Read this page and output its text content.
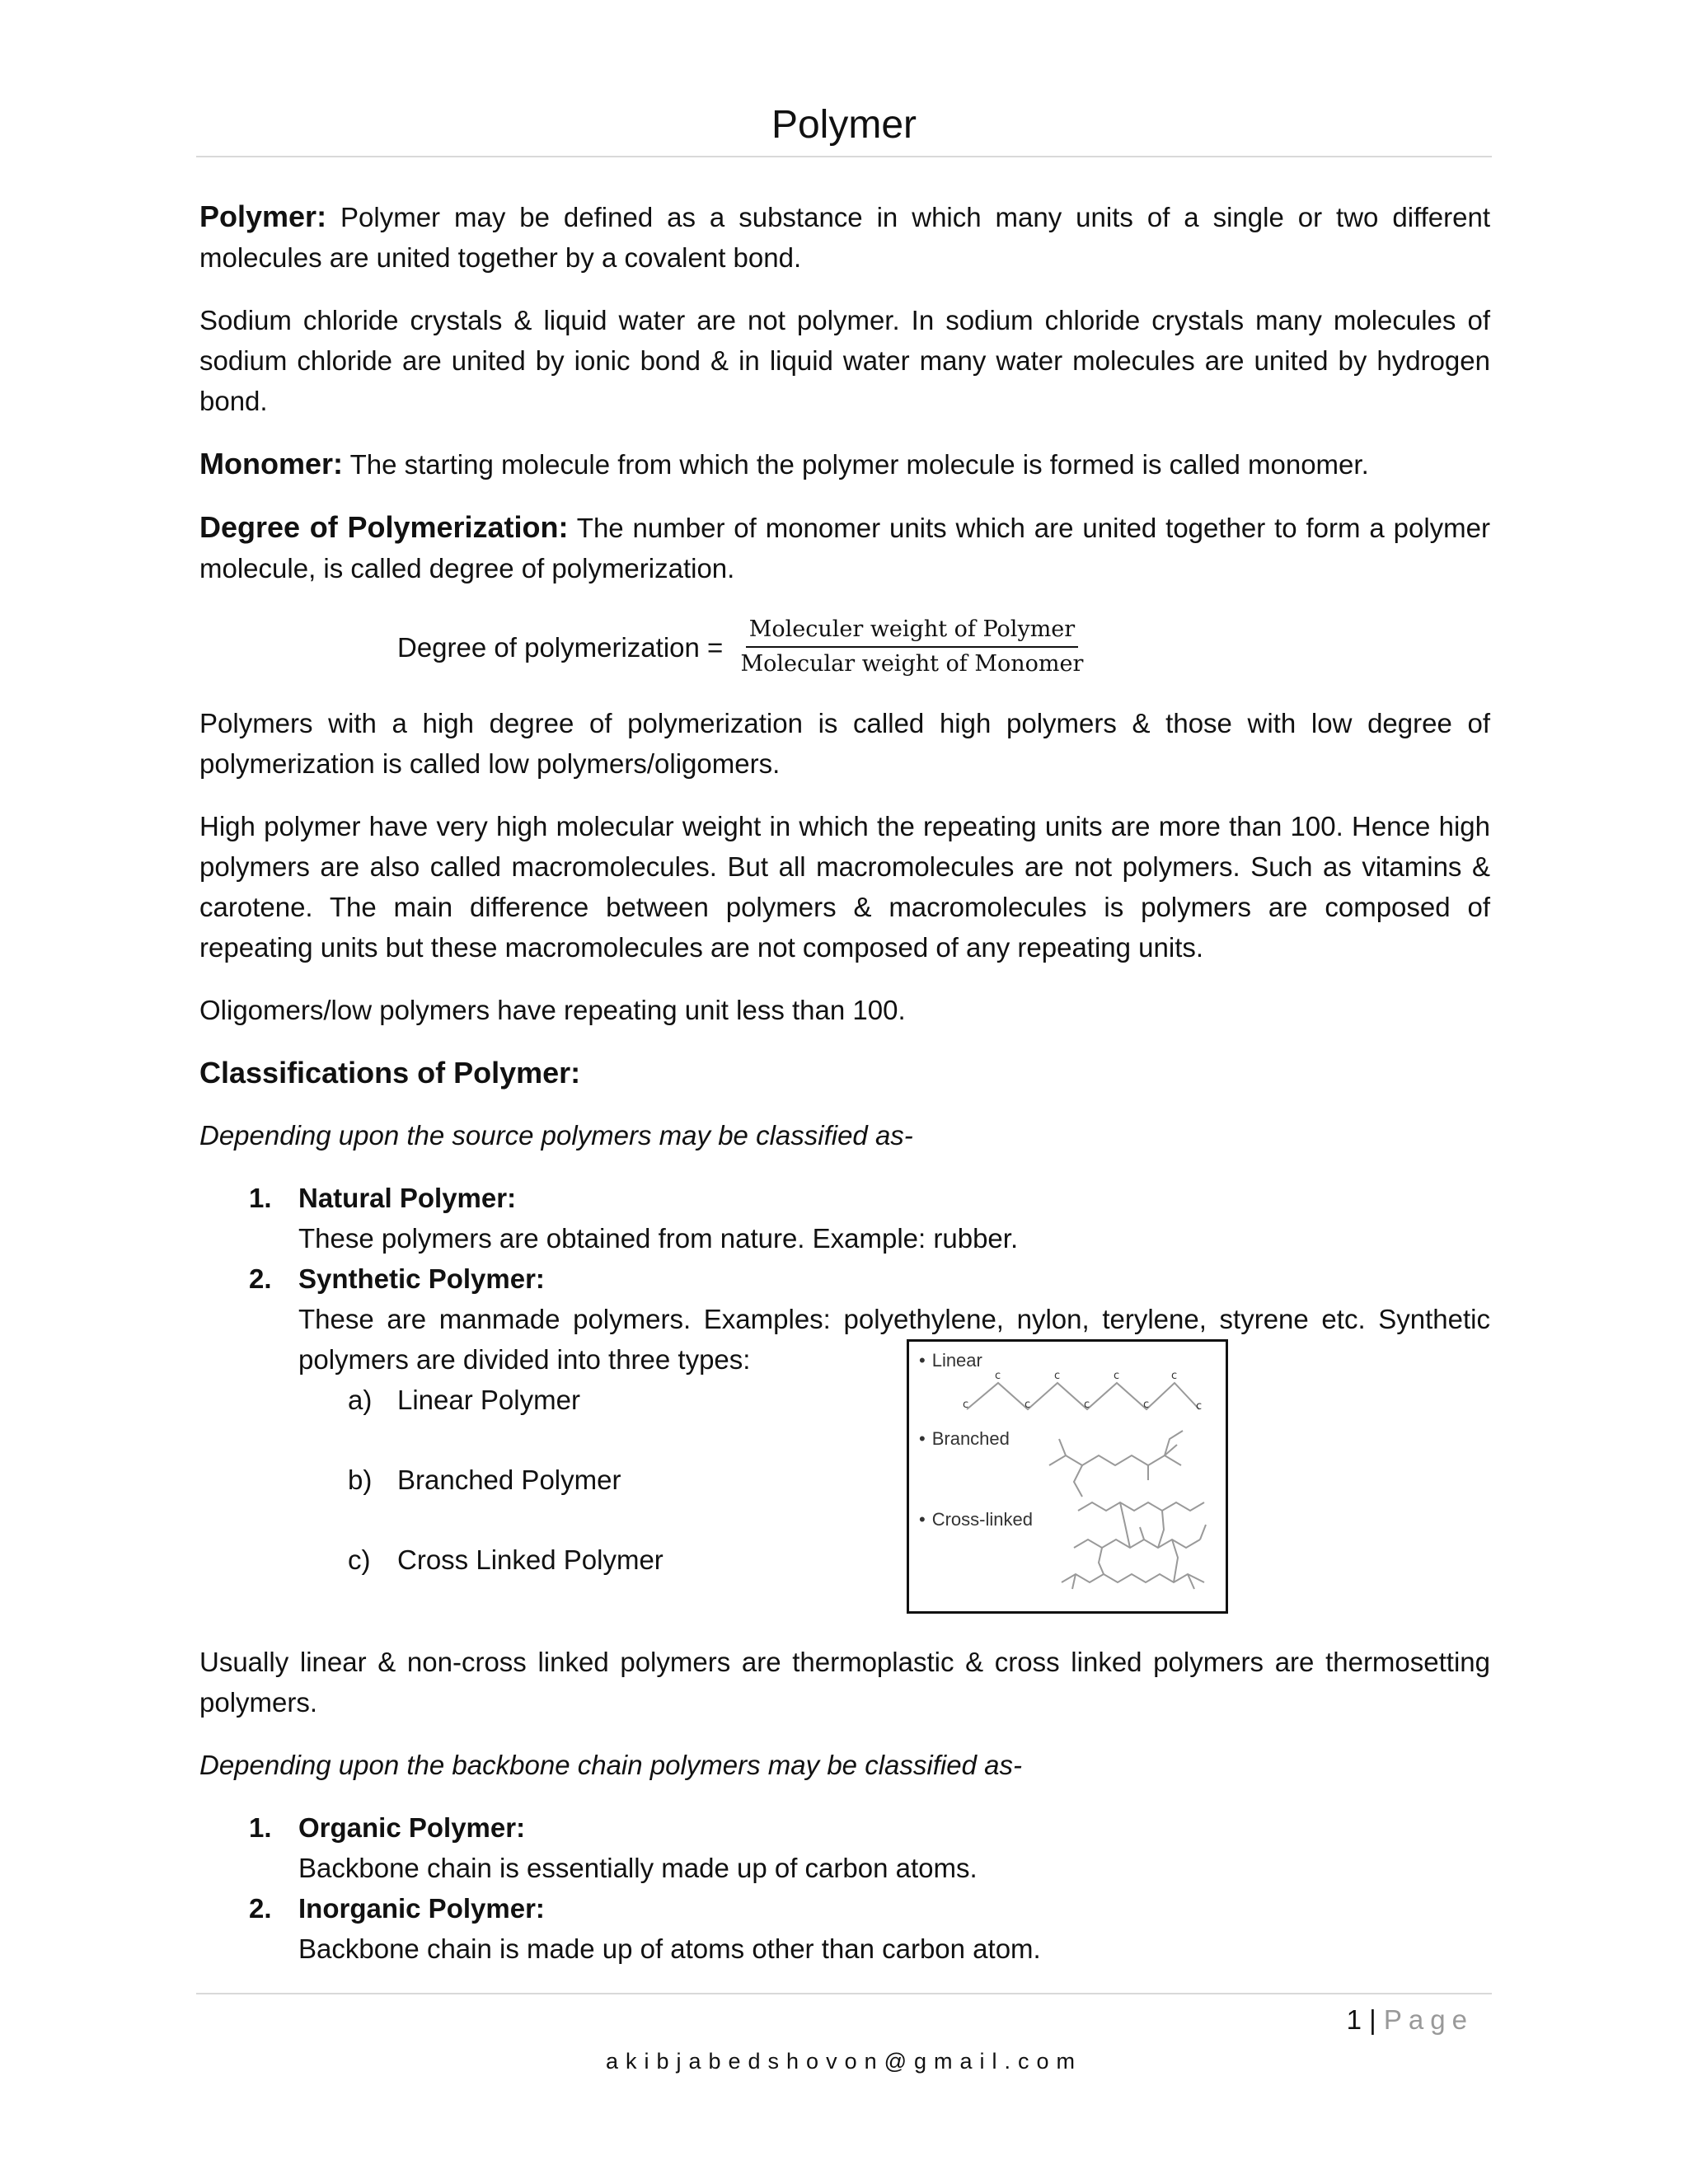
Polymer

Polymer: Polymer may be defined as a substance in which many units of a single or two different molecules are united together by a covalent bond.

Sodium chloride crystals & liquid water are not polymer. In sodium chloride crystals many molecules of sodium chloride are united by ionic bond & in liquid water many water molecules are united by hydrogen bond.

Monomer: The starting molecule from which the polymer molecule is formed is called monomer.

Degree of Polymerization: The number of monomer units which are united together to form a polymer molecule, is called degree of polymerization.

Degree of polymerization = $\frac{\text{Moleculer weight of Polymer}}{\text{Molecular weight of Monomer}}$

Polymers with a high degree of polymerization is called high polymers & those with low degree of polymerization is called low polymers/oligomers.

High polymer have very high molecular weight in which the repeating units are more than 100. Hence high polymers are also called macromolecules. But all macromolecules are not polymers. Such as vitamins & carotene. The main difference between polymers & macromolecules is polymers are composed of repeating units but these macromolecules are not composed of any repeating units.

Oligomers/low polymers have repeating unit less than 100.

Classifications of Polymer:

Depending upon the source polymers may be classified as-

1. Natural Polymer:
These polymers are obtained from nature. Example: rubber.
2. Synthetic Polymer:
These are manmade polymers. Examples: polyethylene, nylon, terylene, styrene etc. Synthetic polymers are divided into three types:
a) Linear Polymer
b) Branched Polymer
c) Cross Linked Polymer

Usually linear & non-cross linked polymers are thermoplastic & cross linked polymers are thermosetting polymers.

Depending upon the backbone chain polymers may be classified as-

1. Organic Polymer:
Backbone chain is essentially made up of carbon atoms.
2. Inorganic Polymer:
Backbone chain is made up of atoms other than carbon atom.
• Linear
• Branched
• Cross-linked
c
c
c
c
c
c
c
c
c
1 | Page
akibjabedshovon@gmail.com
